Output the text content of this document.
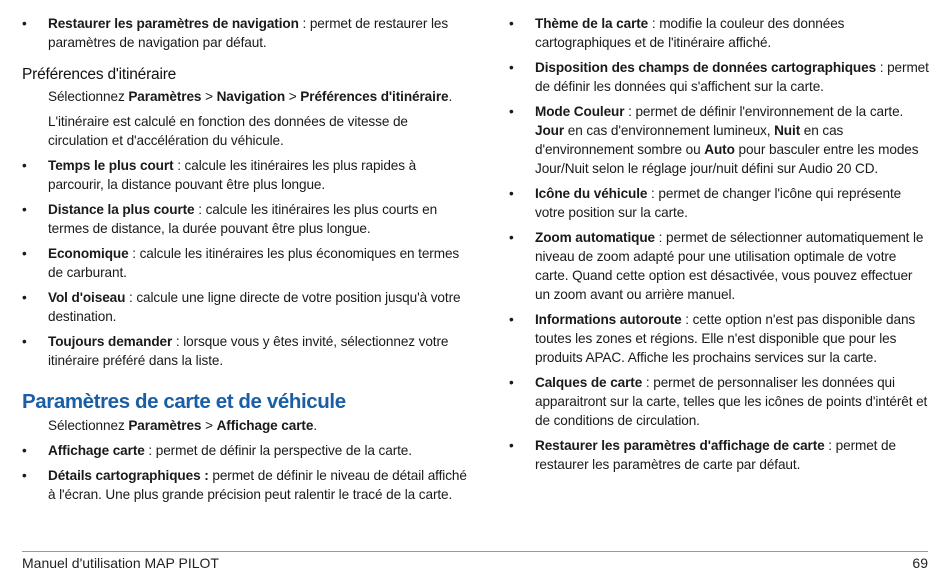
• Restaurer les paramètres de navigation : permet de restaurer les paramètres de navigation par défaut.
Préférences d'itinéraire
Sélectionnez Paramètres > Navigation > Préférences d'itinéraire.
L'itinéraire est calculé en fonction des données de vitesse de circulation et d'accélération du véhicule.
• Temps le plus court : calcule les itinéraires les plus rapides à parcourir, la distance pouvant être plus longue.
• Distance la plus courte : calcule les itinéraires les plus courts en termes de distance, la durée pouvant être plus longue.
• Economique : calcule les itinéraires les plus économiques en termes de carburant.
• Vol d'oiseau : calcule une ligne directe de votre position jusqu'à votre destination.
• Toujours demander : lorsque vous y êtes invité, sélectionnez votre itinéraire préféré dans la liste.
Paramètres de carte et de véhicule
Sélectionnez Paramètres > Affichage carte.
• Affichage carte : permet de définir la perspective de la carte.
• Détails cartographiques : permet de définir le niveau de détail affiché à l'écran. Une plus grande précision peut ralentir le tracé de la carte.
• Thème de la carte : modifie la couleur des données cartographiques et de l'itinéraire affiché.
• Disposition des champs de données cartographiques : permet de définir les données qui s'affichent sur la carte.
• Mode Couleur : permet de définir l'environnement de la carte. Jour en cas d'environnement lumineux, Nuit en cas d'environnement sombre ou Auto pour basculer entre les modes Jour/Nuit selon le réglage jour/nuit défini sur Audio 20 CD.
• Icône du véhicule : permet de changer l'icône qui représente votre position sur la carte.
• Zoom automatique : permet de sélectionner automatiquement le niveau de zoom adapté pour une utilisation optimale de votre carte. Quand cette option est désactivée, vous pouvez effectuer un zoom avant ou arrière manuel.
• Informations autoroute : cette option n'est pas disponible dans toutes les zones et régions. Elle n'est disponible que pour les produits APAC. Affiche les prochains services sur la carte.
• Calques de carte : permet de personnaliser les données qui apparaitront sur la carte, telles que les icônes de points d'intérêt et de conditions de circulation.
• Restaurer les paramètres d'affichage de carte : permet de restaurer les paramètres de carte par défaut.
Manuel d'utilisation MAP PILOT	69
